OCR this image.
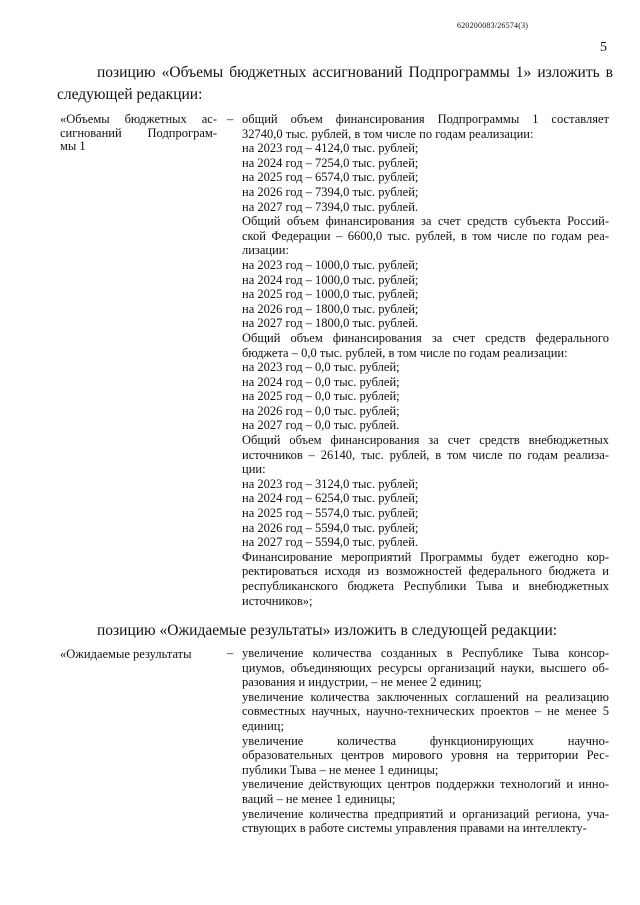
620200083/26574(3)
5
позицию «Объемы бюджетных ассигнований Подпрограммы 1» изложить в
следующей редакции:
«Объемы бюджетных ас-
сигнований Подпрограм-
мы 1
– общий объем финансирования Подпрограммы 1 составляет
32740,0 тыс. рублей, в том числе по годам реализации:
на 2023 год – 4124,0 тыс. рублей;
на 2024 год – 7254,0 тыс. рублей;
на 2025 год – 6574,0 тыс. рублей;
на 2026 год – 7394,0 тыс. рублей;
на 2027 год – 7394,0 тыс. рублей.
Общий объем финансирования за счет средств субъекта Россий-
ской Федерации – 6600,0 тыс. рублей, в том числе по годам реа-
лизации:
на 2023 год – 1000,0 тыс. рублей;
на 2024 год – 1000,0 тыс. рублей;
на 2025 год – 1000,0 тыс. рублей;
на 2026 год – 1800,0 тыс. рублей;
на 2027 год – 1800,0 тыс. рублей.
Общий объем финансирования за счет средств федерального
бюджета – 0,0 тыс. рублей, в том числе по годам реализации:
на 2023 год – 0,0 тыс. рублей;
на 2024 год – 0,0 тыс. рублей;
на 2025 год – 0,0 тыс. рублей;
на 2026 год – 0,0 тыс. рублей;
на 2027 год – 0,0 тыс. рублей.
Общий объем финансирования за счет средств внебюджетных
источников – 26140, тыс. рублей, в том числе по годам реализа-
ции:
на 2023 год – 3124,0 тыс. рублей;
на 2024 год – 6254,0 тыс. рублей;
на 2025 год – 5574,0 тыс. рублей;
на 2026 год – 5594,0 тыс. рублей;
на 2027 год – 5594,0 тыс. рублей.
Финансирование мероприятий Программы будет ежегодно кор-
ректироваться исходя из возможностей федерального бюджета и
республиканского бюджета Республики Тыва и внебюджетных
источников»;
позицию «Ожидаемые результаты» изложить в следующей редакции:
«Ожидаемые результаты	– увеличение количества созданных в Республике Тыва консор-
циумов, объединяющих ресурсы организаций науки, высшего об-
разования и индустрии, – не менее 2 единиц;
увеличение количества заключенных соглашений на реализацию
совместных научных, научно-технических проектов – не менее 5
единиц;
увеличение количества функционирующих научно-
образовательных центров мирового уровня на территории Рес-
публики Тыва – не менее 1 единицы;
увеличение действующих центров поддержки технологий и инно-
ваций – не менее 1 единицы;
увеличение количества предприятий и организаций региона, уча-
ствующих в работе системы управления правами на интеллекту-
